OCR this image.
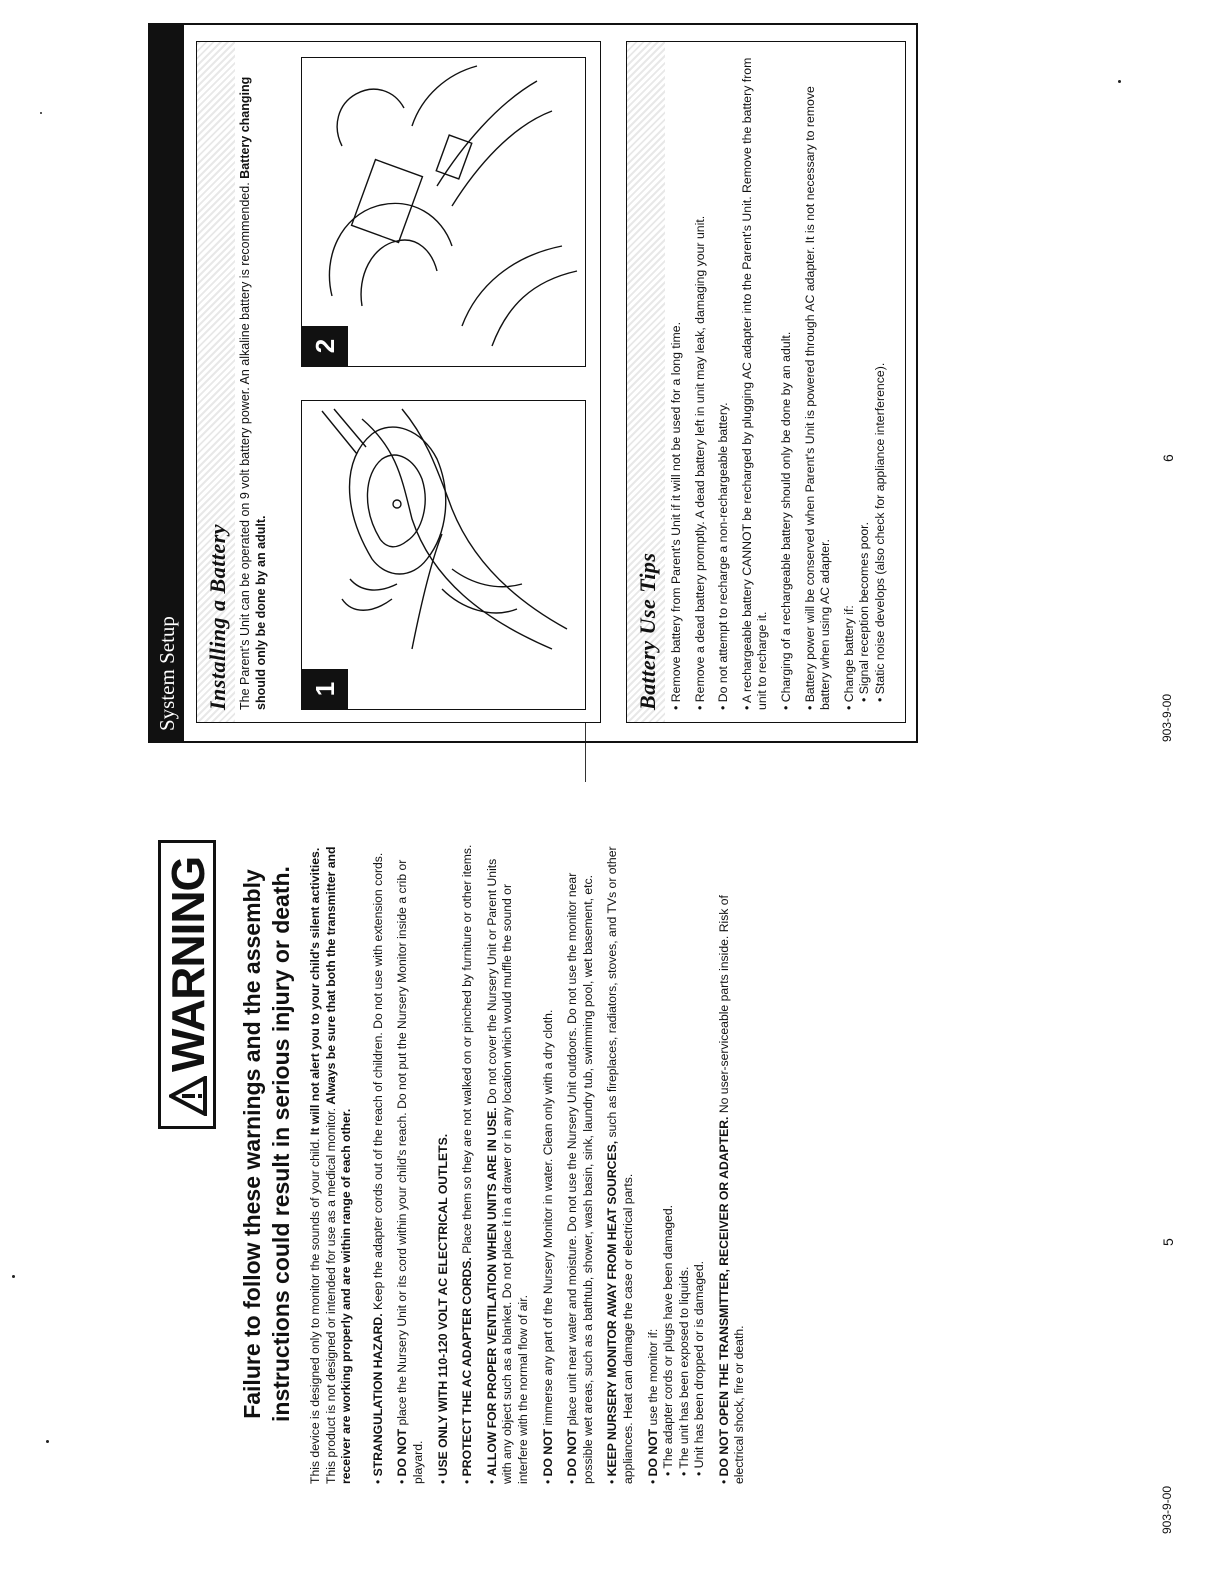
WARNING Failure to follow these warnings and the assembly instructions could result in serious injury or death. This device is designed only to monitor the sounds of your child. It will not alert you to your child's silent activities. This product is not designed or intended for use as a medical monitor. Always be sure that both the transmitter and receiver are working properly and are within range of each other. • STRANGULATION HAZARD. Keep the adapter cords out of the reach of children. Do not use with extension cords.

• DO NOT place the Nursery Unit or its cord within your child's reach. Do not put the Nursery Monitor inside a crib or playard. • USE ONLY WITH 110-120 VOLT AC ELECTRICAL OUTLETS.

• PROTECT THE AC ADAPTER CORDS. Place them so they are not walked on or pinched by furniture or other items.

• ALLOW FOR PROPER VENTILATION WHEN UNITS ARE IN USE. Do not cover the Nursery Unit or Parent Units with any object such as a blanket. Do not place it in a drawer or in any location which would muffle the sound or interfere with the normal flow of air. • DO NOT immerse any part of the Nursery Monitor in water. Clean only with a dry cloth.

• DO NOT place unit near water and moisture. Do not use the Nursery Unit outdoors. Do not use the monitor near possible wet areas, such as a bathtub, shower, wash basin, sink, laundry tub, swimming pool, wet basement, etc. • KEEP NURSERY MONITOR AWAY FROM HEAT SOURCES, such as fireplaces, radiators, stoves, and TVs or other appliances. Heat can damage the case or electrical parts. • DO NOT use the monitor if:
• The adapter cords or plugs have been damaged.
• The unit has been exposed to liquids.
• Unit has been dropped or is damaged.

• DO NOT OPEN THE TRANSMITTER, RECEIVER OR ADAPTER. No user-serviceable parts inside. Risk of electrical shock, fire or death.

5
903-9-00
System Setup Installing a Battery The Parent's Unit can be operated on 9 volt battery power. An alkaline battery is recommended. Battery changing should only be done by an adult.	1
2
Battery Use Tips • Remove battery from Parent's Unit if it will not be used for a long time.

• Remove a dead battery promptly. A dead battery left in unit may leak, damaging your unit.

• Do not attempt to recharge a non-rechargeable battery.

• A rechargeable battery CANNOT be recharged by plugging AC adapter into the Parent's Unit. Remove the battery from unit to recharge it. • Charging of a rechargeable battery should only be done by an adult.

• Battery power will be conserved when Parent's Unit is powered through AC adapter. It is not necessary to remove battery when using AC adapter. • Change battery if: • Signal reception becomes poor.
• Static noise develops (also check for appliance interference).

903-9-00
6
